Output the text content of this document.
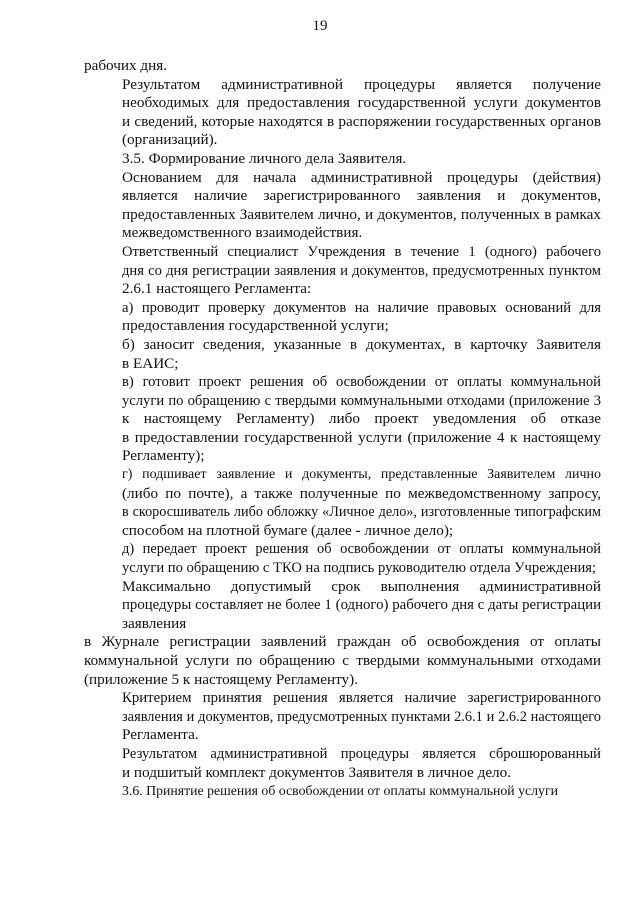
19

рабочих дня.

Результатом административной процедуры является получение
необходимых для предоставления государственной услуги документов
и сведений, которые находятся в распоряжении государственных органов
(организаций).

3.5. Формирование личного дела Заявителя.

Основанием для начала административной процедуры (действия)
является наличие зарегистрированного заявления и документов,
предоставленных Заявителем лично, и документов, полученных в рамках
межведомственного взаимодействия.

Ответственный специалист Учреждения в течение 1 (одного) рабочего
дня со дня регистрации заявления и документов, предусмотренных пунктом
2.6.1 настоящего Регламента:

а) проводит проверку документов на наличие правовых оснований для
предоставления государственной услуги;

б) заносит сведения, указанные в документах, в карточку Заявителя
в ЕАИС;

в) готовит проект решения об освобождении от оплаты коммунальной
услуги по обращению с твердыми коммунальными отходами (приложение 3
к настоящему Регламенту) либо проект уведомления об отказе
в предоставлении государственной услуги (приложение 4 к настоящему
Регламенту);

г) подшивает заявление и документы, представленные Заявителем лично
(либо по почте), а также полученные по межведомственному запросу,
в скоросшиватель либо обложку «Личное дело», изготовленные типографским
способом на плотной бумаге (далее - личное дело);

д) передает проект решения об освобождении от оплаты коммунальной
услуги по обращению с ТКО на подпись руководителю отдела Учреждения;

Максимально допустимый срок выполнения административной
процедуры составляет не более 1 (одного) рабочего дня с даты регистрации
заявления

в Журнале регистрации заявлений граждан об освобождения от оплаты
коммунальной услуги по обращению с твердыми коммунальными отходами
(приложение 5 к настоящему Регламенту).

Критерием принятия решения является наличие зарегистрированного
заявления и документов, предусмотренных пунктами 2.6.1 и 2.6.2 настоящего
Регламента.

Результатом административной процедуры является сброшюрованный
и подшитый комплект документов Заявителя в личное дело.

3.6. Принятие решения об освобождении от оплаты коммунальной услуги
